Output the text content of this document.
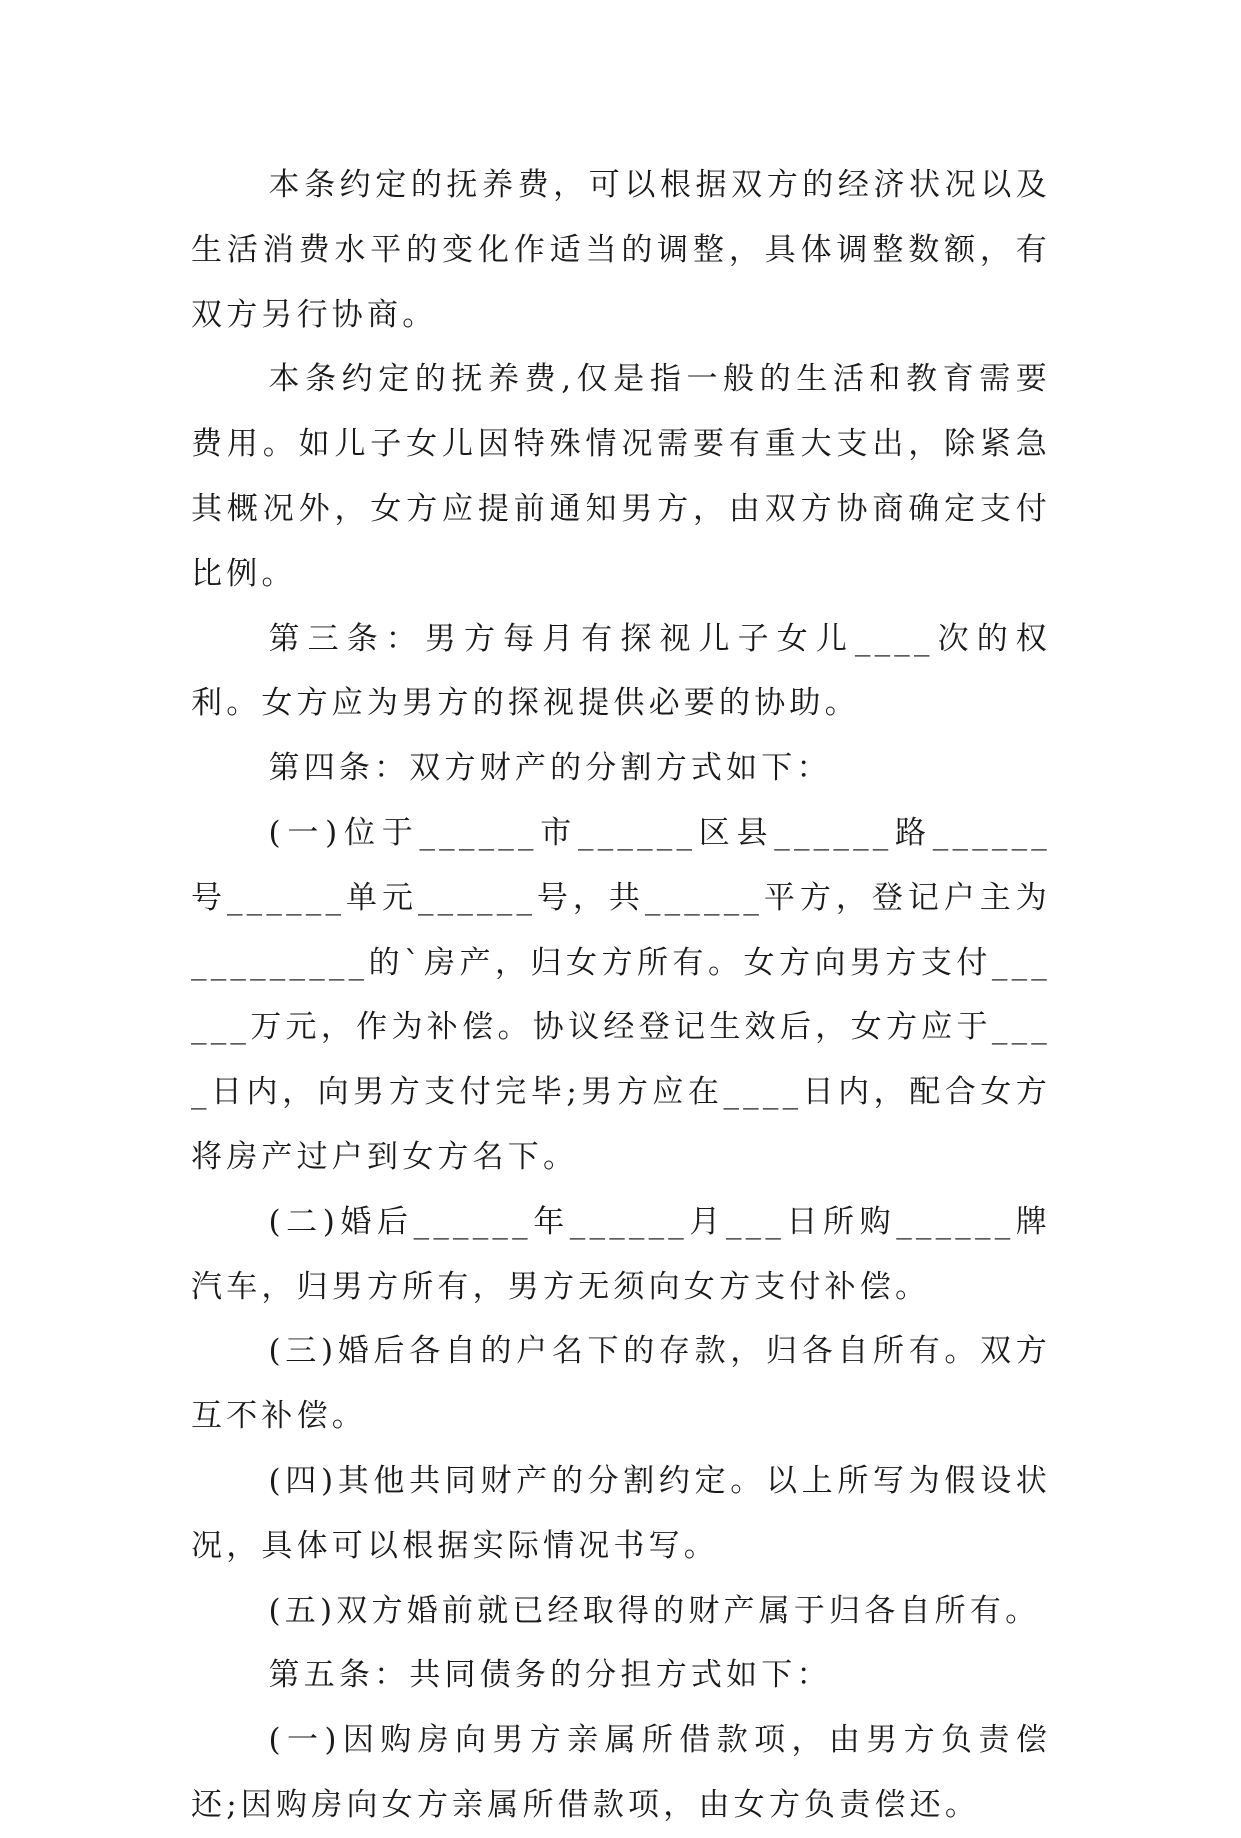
本条约定的抚养费，可以根据双方的经济状况以及生活消费水平的变化作适当的调整，具体调整数额，有双方另行协商。

本条约定的抚养费,仅是指一般的生活和教育需要费用。如儿子女儿因特殊情况需要有重大支出，除紧急其概况外，女方应提前通知男方，由双方协商确定支付比例。

第三条：男方每月有探视儿子女儿____次的权利。女方应为男方的探视提供必要的协助。

第四条：双方财产的分割方式如下：

(一)位于______市______区县______路______号______单元______号，共______平方，登记户主为_________的`房产，归女方所有。女方向男方支付______万元，作为补偿。协议经登记生效后，女方应于____日内，向男方支付完毕;男方应在____日内，配合女方将房产过户到女方名下。

(二)婚后______年______月___日所购______牌汽车，归男方所有，男方无须向女方支付补偿。

(三)婚后各自的户名下的存款，归各自所有。双方互不补偿。

(四)其他共同财产的分割约定。以上所写为假设状况，具体可以根据实际情况书写。

(五)双方婚前就已经取得的财产属于归各自所有。

第五条：共同债务的分担方式如下：

(一)因购房向男方亲属所借款项，由男方负责偿还;因购房向女方亲属所借款项，由女方负责偿还。
